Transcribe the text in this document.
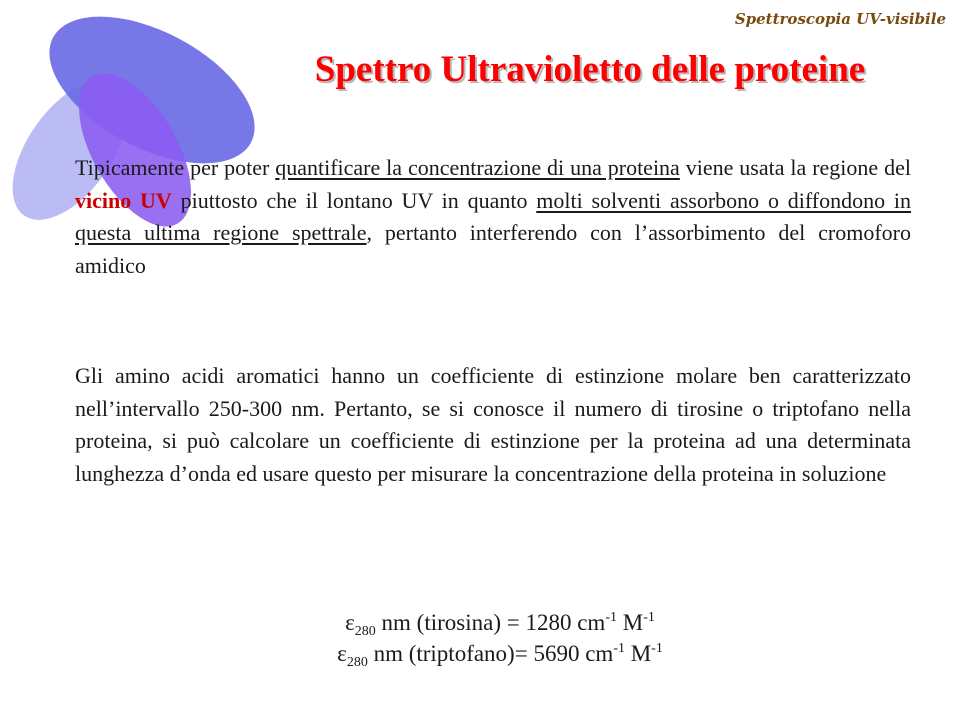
Spettroscopia UV-visibile
Spettro Ultravioletto delle proteine
Tipicamente per poter quantificare la concentrazione di una proteina viene usata la regione del vicino UV piuttosto che il lontano UV in quanto molti solventi assorbono o diffondono in questa ultima regione spettrale, pertanto interferendo con l’assorbimento del cromoforo amidico
Gli amino acidi aromatici hanno un coefficiente di estinzione molare ben caratterizzato nell’intervallo 250-300 nm. Pertanto, se si conosce il numero di tirosine o triptofano nella proteina, si può calcolare un coefficiente di estinzione per la proteina ad una determinata lunghezza d’onda ed usare questo per misurare la concentrazione della proteina in soluzione
$\varepsilon_{280}$ nm (tirosina) = 1280 $cm^{-1}$ $M^{-1}$
$\varepsilon_{280}$ nm (triptofano)= 5690 $cm^{-1}$ $M^{-1}$
